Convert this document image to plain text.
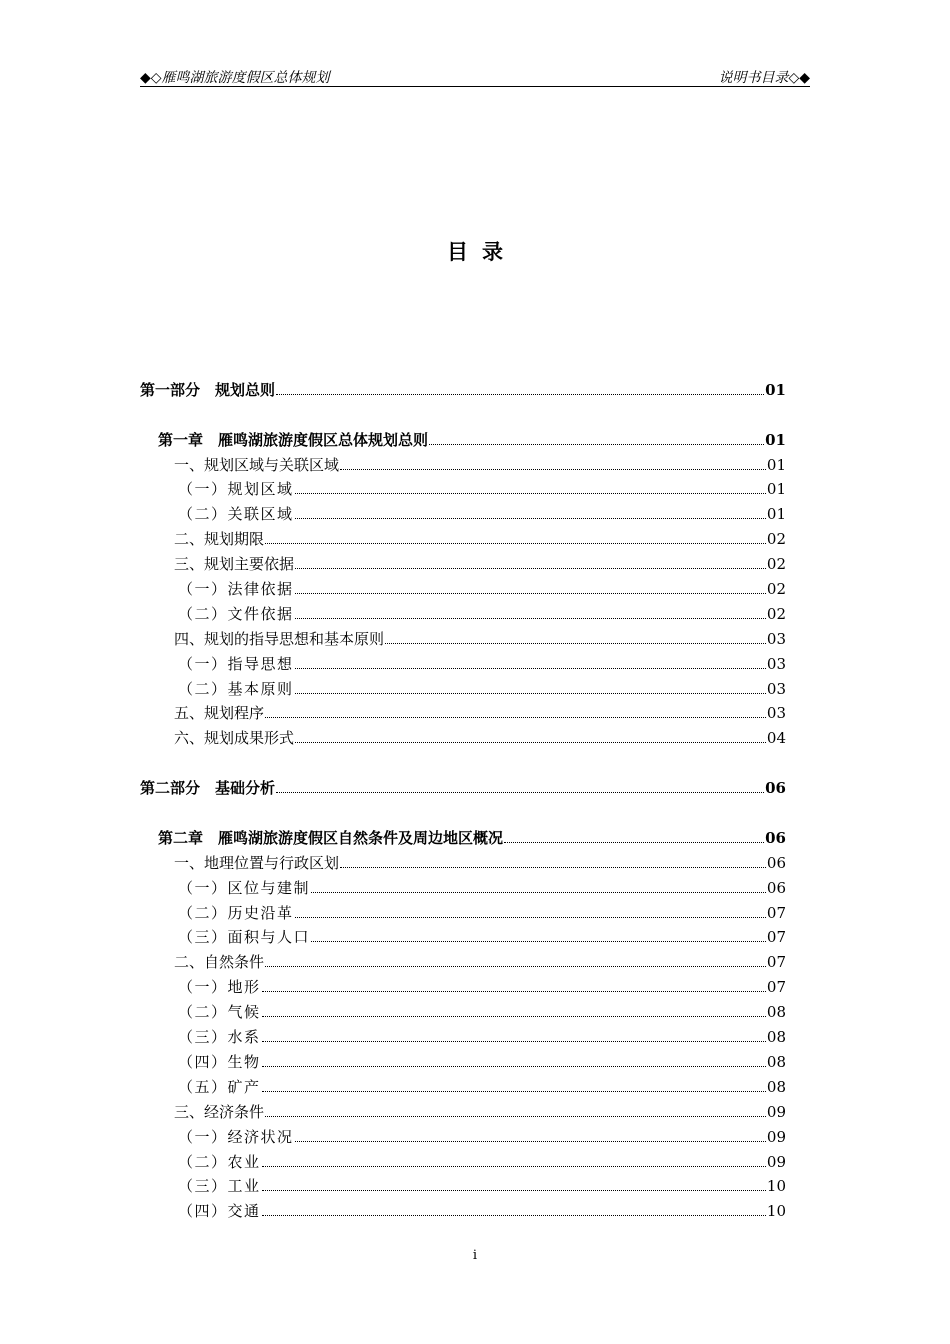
◆◇雁鸣湖旅游度假区总体规划	说明书目录◇◆
目录
第一部分　规划总则	01
第一章　雁鸣湖旅游度假区总体规划总则	01
一、规划区域与关联区域	01
（一）规划区域	01
（二）关联区域	01
二、规划期限	02
三、规划主要依据	02
（一）法律依据	02
（二）文件依据	02
四、规划的指导思想和基本原则	03
（一）指导思想	03
（二）基本原则	03
五、规划程序	03
六、规划成果形式	04
第二部分　基础分析	06
第二章　雁鸣湖旅游度假区自然条件及周边地区概况	06
一、地理位置与行政区划	06
（一）区位与建制	06
（二）历史沿革	07
（三）面积与人口	07
二、自然条件	07
（一）地形	07
（二）气候	08
（三）水系	08
（四）生物	08
（五）矿产	08
三、经济条件	09
（一）经济状况	09
（二）农业	09
（三）工业	10
（四）交通	10
i
